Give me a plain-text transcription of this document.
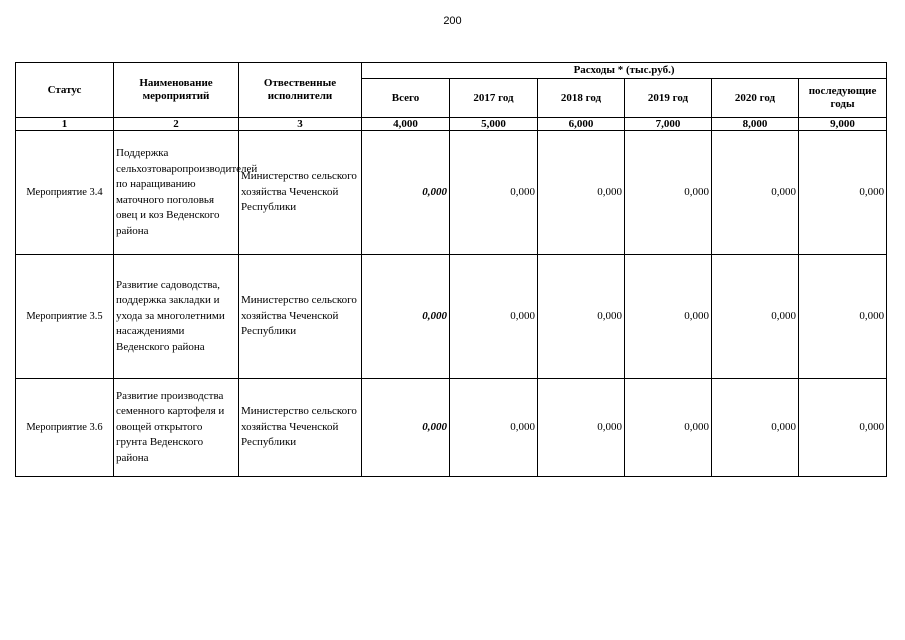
200
Статус	Наименование мероприятий	Отвественные исполнители	Расходы * (тыс.руб.)					
			Всего	2017 год	2018 год	2019 год	2020 год	последующие годы
1	2	3	4,000	5,000	6,000	7,000	8,000	9,000
Мероприятие 3.4	Поддержка сельхозтоваропроизводителей по наращиванию маточного поголовья овец и коз Веденского района	Министерство сельского хозяйства Чеченской Республики	0,000	0,000	0,000	0,000	0,000	0,000
Мероприятие 3.5	Развитие садоводства, поддержка закладки и ухода за многолетними насаждениями Веденского района	Министерство сельского хозяйства Чеченской Республики	0,000	0,000	0,000	0,000	0,000	0,000
Мероприятие 3.6	Развитие производства семенного картофеля и овощей открытого грунта Веденского района	Министерство сельского хозяйства Чеченской Республики	0,000	0,000	0,000	0,000	0,000	0,000
